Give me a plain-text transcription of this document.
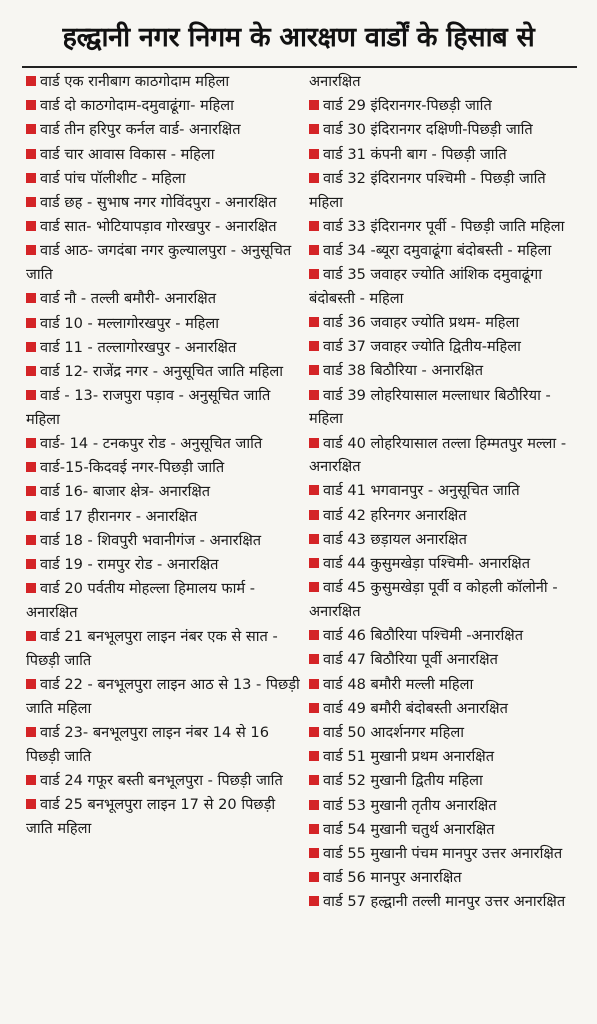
हल्द्वानी नगर निगम के आरक्षण वार्डों के हिसाब से

वार्ड एक रानीबाग काठगोदाम महिला

वार्ड दो काठगोदाम-दमुवाढूंगा- महिला

वार्ड तीन हरिपुर कर्नल वार्ड- अनारक्षित

वार्ड चार आवास विकास - महिला

वार्ड पांच पॉलीशीट - महिला

वार्ड छह - सुभाष नगर गोविंदपुरा - अनारक्षित

वार्ड सात- भोटियापड़ाव गोरखपुर - अनारक्षित

वार्ड आठ- जगदंबा नगर कुल्यालपुरा - अनुसूचित जाति

वार्ड नौ - तल्ली बमौरी- अनारक्षित

वार्ड 10 - मल्लागोरखपुर - महिला

वार्ड 11 - तल्लागोरखपुर - अनारक्षित

वार्ड 12- राजेंद्र नगर - अनुसूचित जाति महिला

वार्ड - 13- राजपुरा पड़ाव - अनुसूचित जाति महिला

वार्ड- 14 - टनकपुर रोड - अनुसूचित जाति

वार्ड-15-किदवई नगर-पिछड़ी जाति

वार्ड 16- बाजार क्षेत्र- अनारक्षित

वार्ड 17 हीरानगर - अनारक्षित

वार्ड 18 - शिवपुरी भवानीगंज - अनारक्षित

वार्ड 19 - रामपुर रोड - अनारक्षित

वार्ड 20 पर्वतीय मोहल्ला हिमालय फार्म - अनारक्षित

वार्ड 21 बनभूलपुरा लाइन नंबर एक से सात - पिछड़ी जाति

वार्ड 22 - बनभूलपुरा लाइन आठ से 13 - पिछड़ी जाति महिला

वार्ड 23- बनभूलपुरा लाइन नंबर 14 से 16 पिछड़ी जाति

वार्ड 24 गफूर बस्ती बनभूलपुरा - पिछड़ी जाति

वार्ड 25 बनभूलपुरा लाइन 17 से 20 पिछड़ी जाति महिला

अनारक्षित

वार्ड 29 इंदिरानगर-पिछड़ी जाति

वार्ड 30 इंदिरानगर दक्षिणी-पिछड़ी जाति

वार्ड 31 कंपनी बाग - पिछड़ी जाति

वार्ड 32 इंदिरानगर पश्चिमी - पिछड़ी जाति महिला

वार्ड 33 इंदिरानगर पूर्वी - पिछड़ी जाति महिला

वार्ड 34 -ब्यूरा दमुवाढूंगा बंदोबस्ती - महिला

वार्ड 35 जवाहर ज्योति आंशिक दमुवाढूंगा बंदोबस्ती - महिला

वार्ड 36 जवाहर ज्योति प्रथम- महिला

वार्ड 37 जवाहर ज्योति द्वितीय-महिला

वार्ड 38 बिठौरिया - अनारक्षित

वार्ड 39 लोहरियासाल मल्लाधार बिठौरिया - महिला

वार्ड 40 लोहरियासाल तल्ला हिम्मतपुर मल्ला - अनारक्षित

वार्ड 41 भगवानपुर - अनुसूचित जाति

वार्ड 42 हरिनगर अनारक्षित

वार्ड 43 छड़ायल अनारक्षित

वार्ड 44 कुसुमखेड़ा पश्चिमी- अनारक्षित

वार्ड 45 कुसुमखेड़ा पूर्वी व कोहली कॉलोनी - अनारक्षित

वार्ड 46 बिठौरिया पश्चिमी -अनारक्षित

वार्ड 47 बिठौरिया पूर्वी अनारक्षित

वार्ड 48 बमौरी मल्ली महिला

वार्ड 49 बमौरी बंदोबस्ती अनारक्षित

वार्ड 50 आदर्शनगर महिला

वार्ड 51 मुखानी प्रथम अनारक्षित

वार्ड 52 मुखानी द्वितीय महिला

वार्ड 53 मुखानी तृतीय अनारक्षित

वार्ड 54 मुखानी चतुर्थ अनारक्षित

वार्ड 55 मुखानी पंचम मानपुर उत्तर अनारक्षित

वार्ड 56 मानपुर अनारक्षित

वार्ड 57 हल्द्वानी तल्ली मानपुर उत्तर अनारक्षित
